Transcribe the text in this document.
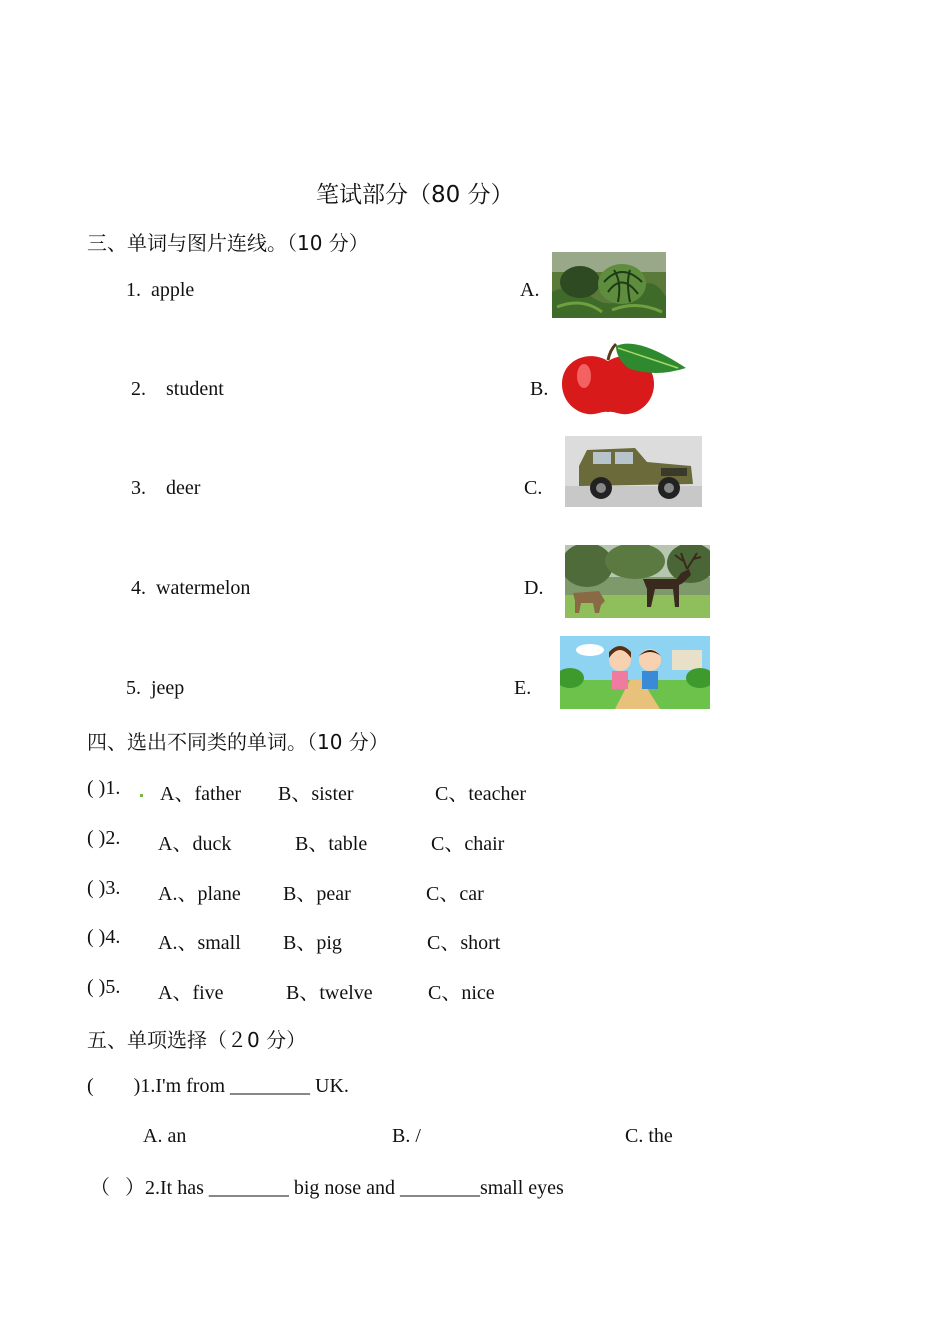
笔试部分（80 分）
三、单词与图片连线。（10 分）
1. apple
2. student
3. deer
4. watermelon
5. jeep
A.
B.
C.
D.
E.
四、选出不同类的单词。（10 分）
( )1. A、father B、sister	C、teacher
( )2. A、duck	B、table	C、chair
( )3. A.、plane B、pear	C、car
( )4. A.、small B、pig	C、short
( )5. A、five	B、twelve	C、nice
五、单项选择（２0 分）
(        )1.I'm from ________ UK.
A. an	B. /	C. the
（   ）2.It has ________ big nose and ________small eyes
